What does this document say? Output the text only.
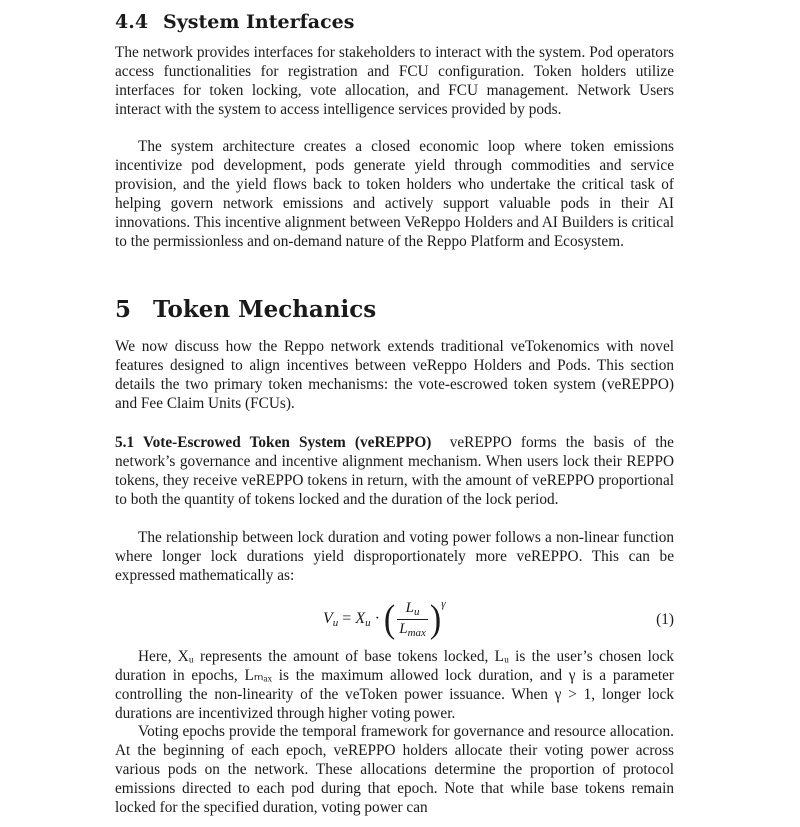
4.4 System Interfaces

The network provides interfaces for stakeholders to interact with the system. Pod operators access functionalities for registration and FCU configuration. Token holders utilize interfaces for token locking, vote allocation, and FCU management. Network Users interact with the system to access intelligence services provided by pods.

The system architecture creates a closed economic loop where token emissions incentivize pod development, pods generate yield through commodities and service provision, and the yield flows back to token holders who undertake the critical task of helping govern network emissions and actively support valuable pods in their AI innovations. This incentive alignment between VeReppo Holders and AI Builders is critical to the permissionless and on-demand nature of the Reppo Platform and Ecosystem.

5 Token Mechanics

We now discuss how the Reppo network extends traditional veTokenomics with novel features designed to align incentives between veReppo Holders and Pods. This section details the two primary token mechanisms: the vote-escrowed token system (veREPPO) and Fee Claim Units (FCUs).

5.1 Vote-Escrowed Token System (veREPPO) veREPPO forms the basis of the network’s governance and incentive alignment mechanism. When users lock their REPPO tokens, they receive veREPPO tokens in return, with the amount of veREPPO proportional to both the quantity of tokens locked and the duration of the lock period.

The relationship between lock duration and voting power follows a non-linear function where longer lock durations yield disproportionately more veREPPO. This can be expressed mathematically as:

$V_u = X_u$ · ( $\frac{L_u}{L_{max}} )^\gamma$
(1)

Here, Xᵤ represents the amount of base tokens locked, Lᵤ is the user’s chosen lock duration in epochs, Lₘₐₓ is the maximum allowed lock duration, and γ is a parameter controlling the non-linearity of the veToken power issuance. When γ > 1, longer lock durations are incentivized through higher voting power.

Voting epochs provide the temporal framework for governance and resource allocation. At the beginning of each epoch, veREPPO holders allocate their voting power across various pods on the network. These allocations determine the proportion of protocol emissions directed to each pod during that epoch. Note that while base tokens remain locked for the specified duration, voting power can
